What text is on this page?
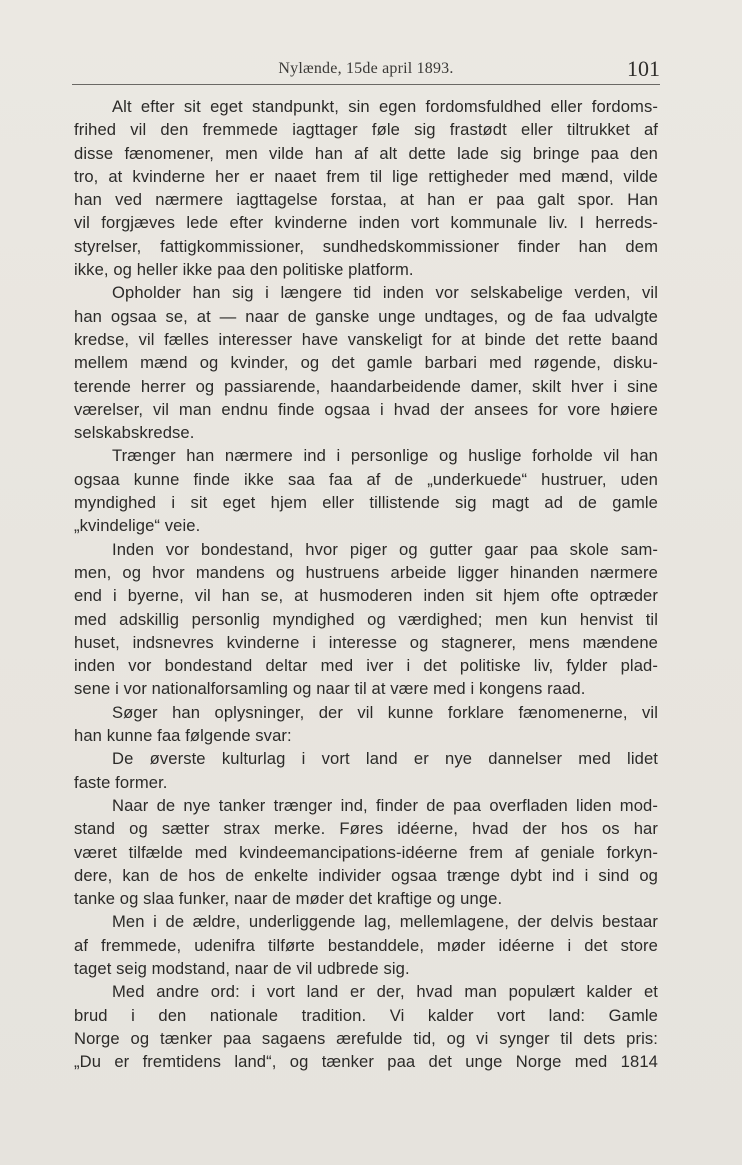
Nylænde, 15de april 1893.	101
Alt efter sit eget standpunkt, sin egen fordomsfuldhed eller fordoms-
frihed vil den fremmede iagttager føle sig frastødt eller tiltrukket af
disse fænomener, men vilde han af alt dette lade sig bringe paa den
tro, at kvinderne her er naaet frem til lige rettigheder med mænd, vilde
han ved nærmere iagttagelse forstaa, at han er paa galt spor. Han
vil forgjæves lede efter kvinderne inden vort kommunale liv. I herreds-
styrelser, fattigkommissioner, sundhedskommissioner finder han dem
ikke, og heller ikke paa den politiske platform.
Opholder han sig i længere tid inden vor selskabelige verden, vil
han ogsaa se, at — naar de ganske unge undtages, og de faa udvalgte
kredse, vil fælles interesser have vanskeligt for at binde det rette baand
mellem mænd og kvinder, og det gamle barbari med røgende, disku-
terende herrer og passiarende, haandarbeidende damer, skilt hver i sine
værelser, vil man endnu finde ogsaa i hvad der ansees for vore høiere
selskabskredse.
Trænger han nærmere ind i personlige og huslige forholde vil han
ogsaa kunne finde ikke saa faa af de „underkuede“ hustruer, uden
myndighed i sit eget hjem eller tillistende sig magt ad de gamle
„kvindelige“ veie.
Inden vor bondestand, hvor piger og gutter gaar paa skole sam-
men, og hvor mandens og hustruens arbeide ligger hinanden nærmere
end i byerne, vil han se, at husmoderen inden sit hjem ofte optræder
med adskillig personlig myndighed og værdighed; men kun henvist til
huset, indsnevres kvinderne i interesse og stagnerer, mens mændene
inden vor bondestand deltar med iver i det politiske liv, fylder plad-
sene i vor nationalforsamling og naar til at være med i kongens raad.
Søger han oplysninger, der vil kunne forklare fænomenerne, vil
han kunne faa følgende svar:
De øverste kulturlag i vort land er nye dannelser med lidet
faste former.
Naar de nye tanker trænger ind, finder de paa overfladen liden mod-
stand og sætter strax merke. Føres idéerne, hvad der hos os har
været tilfælde med kvindeemancipations-idéerne frem af geniale forkyn-
dere, kan de hos de enkelte individer ogsaa trænge dybt ind i sind og
tanke og slaa funker, naar de møder det kraftige og unge.
Men i de ældre, underliggende lag, mellemlagene, der delvis bestaar
af fremmede, udenifra tilførte bestanddele, møder idéerne i det store
taget seig modstand, naar de vil udbrede sig.
Med andre ord: i vort land er der, hvad man populært kalder et
brud i den nationale tradition. Vi kalder vort land: Gamle
Norge og tænker paa sagaens ærefulde tid, og vi synger til dets pris:
„Du er fremtidens land“, og tænker paa det unge Norge med 1814
